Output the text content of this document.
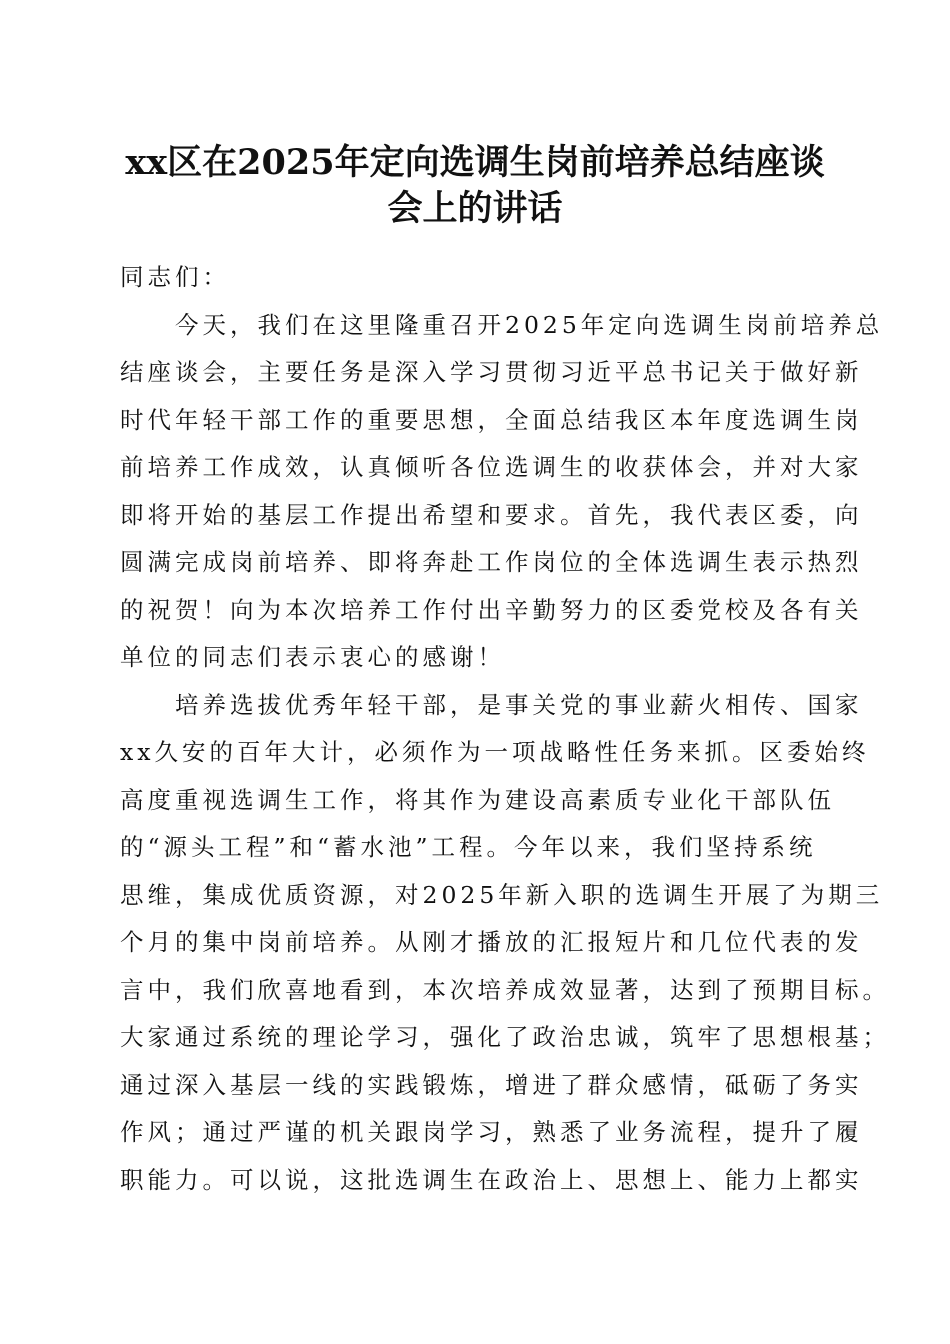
xx区在2025年定向选调生岗前培养总结座谈
会上的讲话
同志们：
　　今天，我们在这里隆重召开2025年定向选调生岗前培养总
结座谈会，主要任务是深入学习贯彻习近平总书记关于做好新
时代年轻干部工作的重要思想，全面总结我区本年度选调生岗
前培养工作成效，认真倾听各位选调生的收获体会，并对大家
即将开始的基层工作提出希望和要求。首先，我代表区委，向
圆满完成岗前培养、即将奔赴工作岗位的全体选调生表示热烈
的祝贺！向为本次培养工作付出辛勤努力的区委党校及各有关
单位的同志们表示衷心的感谢！
　　培养选拔优秀年轻干部，是事关党的事业薪火相传、国家
xx久安的百年大计，必须作为一项战略性任务来抓。区委始终
高度重视选调生工作，将其作为建设高素质专业化干部队伍
的“源头工程”和“蓄水池”工程。今年以来，我们坚持系统
思维，集成优质资源，对2025年新入职的选调生开展了为期三
个月的集中岗前培养。从刚才播放的汇报短片和几位代表的发
言中，我们欣喜地看到，本次培养成效显著，达到了预期目标。
大家通过系统的理论学习，强化了政治忠诚，筑牢了思想根基；
通过深入基层一线的实践锻炼，增进了群众感情，砥砺了务实
作风；通过严谨的机关跟岗学习，熟悉了业务流程，提升了履
职能力。可以说，这批选调生在政治上、思想上、能力上都实
